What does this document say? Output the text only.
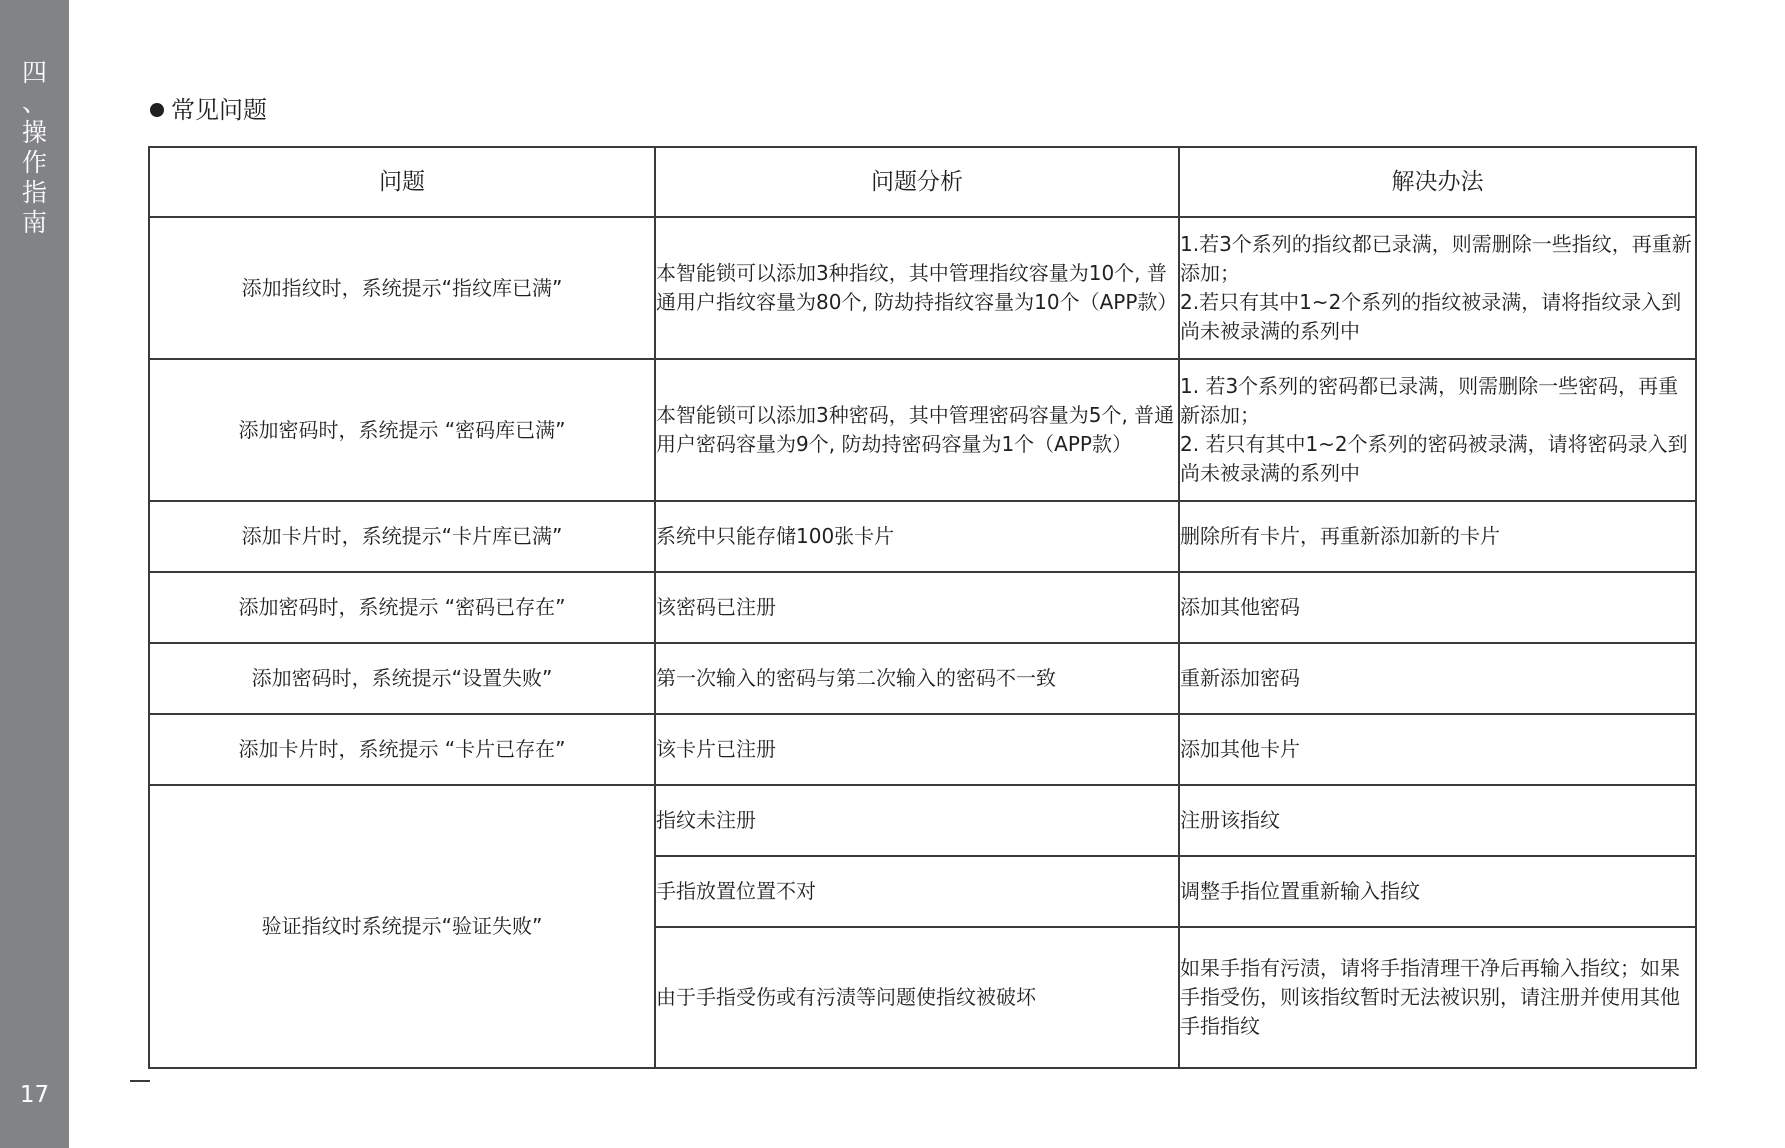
四
、
操
作
指
南
17
常见问题
问题	问题分析	解决办法
添加指纹时，系统提示“指纹库已满”	本智能锁可以添加3种指纹，其中管理指纹容量为10个, 普通用户指纹容量为80个, 防劫持指纹容量为10个（APP款）	1.若3个系列的指纹都已录满，则需删除一些指纹，再重新添加；
2.若只有其中1~2个系列的指纹被录满，请将指纹录入到尚未被录满的系列中

添加密码时，系统提示 “密码库已满”	本智能锁可以添加3种密码，其中管理密码容量为5个, 普通用户密码容量为9个, 防劫持密码容量为1个（APP款）	1. 若3个系列的密码都已录满，则需删除一些密码，再重新添加；
2. 若只有其中1~2个系列的密码被录满，请将密码录入到尚未被录满的系列中

添加卡片时，系统提示“卡片库已满”	系统中只能存储100张卡片	删除所有卡片，再重新添加新的卡片
添加密码时，系统提示 “密码已存在”	该密码已注册	添加其他密码
添加密码时，系统提示“设置失败”	第一次输入的密码与第二次输入的密码不一致	重新添加密码
添加卡片时，系统提示 “卡片已存在”	该卡片已注册	添加其他卡片
验证指纹时系统提示“验证失败”	指纹未注册	注册该指纹
	手指放置位置不对	调整手指位置重新输入指纹
	由于手指受伤或有污渍等问题使指纹被破坏	如果手指有污渍，请将手指清理干净后再输入指纹；如果手指受伤，则该指纹暂时无法被识别，请注册并使用其他手指指纹
